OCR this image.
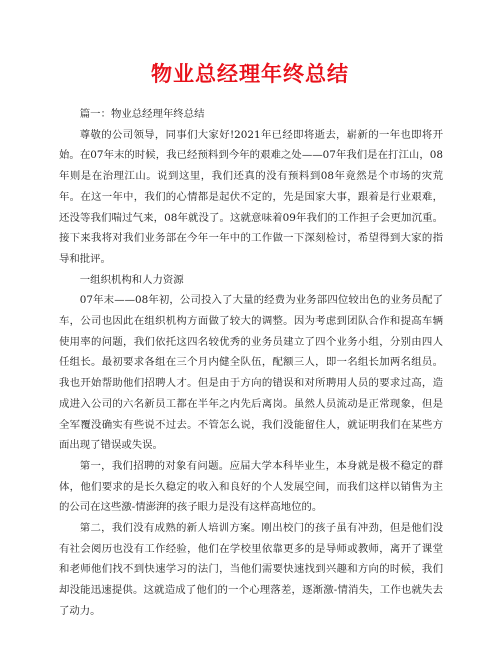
物业总经理年终总结

篇一：物业总经理年终总结

尊敬的公司领导，同事们大家好!2021年已经即将逝去，崭新的一年也即将开始。在07年末的时候，我已经预料到今年的艰难之处——07年我们是在打江山，08年则是在治理江山。说到这里，我们还真的没有预料到08年竟然是个市场的灾荒年。在这一年中，我们的心情都是起伏不定的，先是国家大事，跟着是行业艰难，还没等我们喘过气来，08年就没了。这就意味着09年我们的工作担子会更加沉重。接下来我将对我们业务部在今年一年中的工作做一下深刻检讨，希望得到大家的指导和批评。

一组织机构和人力资源

07年末——08年初，公司投入了大量的经费为业务部四位较出色的业务员配了车，公司也因此在组织机构方面做了较大的调整。因为考虑到团队合作和提高车辆使用率的问题，我们依托这四名较优秀的业务员建立了四个业务小组，分别由四人任组长。最初要求各组在三个月内健全队伍，配额三人，即一名组长加两名组员。我也开始帮助他们招聘人才。但是由于方向的错误和对所聘用人员的要求过高，造成进入公司的六名新员工都在半年之内先后离岗。虽然人员流动是正常现象，但是全军覆没确实有些说不过去。不管怎么说，我们没能留住人，就证明我们在某些方面出现了错误或失误。

第一，我们招聘的对象有问题。应届大学本科毕业生，本身就是极不稳定的群体，他们要求的是长久稳定的收入和良好的个人发展空间，而我们这样以销售为主的公司在这些激-情澎湃的孩子眼力是没有这样高地位的。

第二，我们没有成熟的新人培训方案。刚出校门的孩子虽有冲劲，但是他们没有社会阅历也没有工作经验，他们在学校里依靠更多的是导师或教师，离开了课堂和老师他们找不到快速学习的法门，当他们需要快速找到兴趣和方向的时候，我们却没能迅速提供。这就造成了他们的一个心理落差，逐渐激-情消失，工作也就失去了动力。
